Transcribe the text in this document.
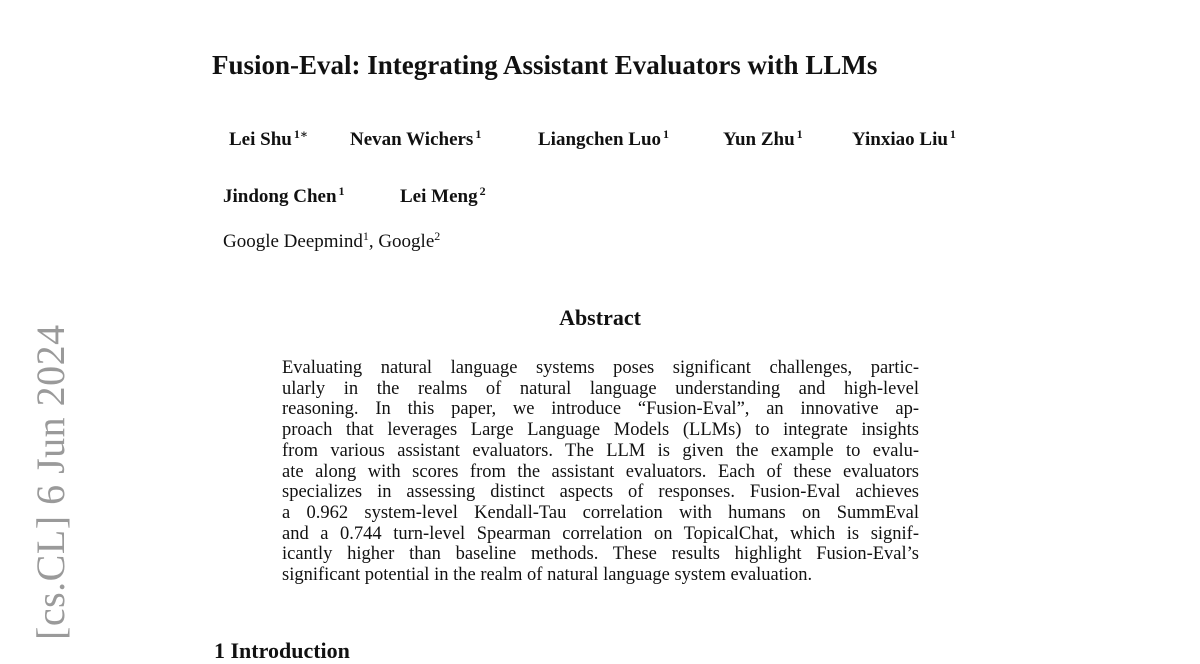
Fusion-Eval: Integrating Assistant Evaluators with LLMs
Lei Shu $^{1∗}$ Nevan Wichers $^1$	Liangchen Luo $^1$	Yun Zhu $^1$	Yinxiao Liu $^1$
Jindong Chen $^1$	Lei Meng $^2$
Google Deepmind$^1$, Google$^2$
Abstract
Evaluating natural language systems poses significant challenges, partic-
ularly in the realms of natural language understanding and high-level
reasoning. In this paper, we introduce “Fusion-Eval”, an innovative ap-
proach that leverages Large Language Models (LLMs) to integrate insights
from various assistant evaluators. The LLM is given the example to evalu-
ate along with scores from the assistant evaluators. Each of these evaluators
specializes in assessing distinct aspects of responses. Fusion-Eval achieves
a 0.962 system-level Kendall-Tau correlation with humans on SummEval
and a 0.744 turn-level Spearman correlation on TopicalChat, which is signif-
icantly higher than baseline methods. These results highlight Fusion-Eval’s
significant potential in the realm of natural language system evaluation.
[cs.CL] 6 Jun 2024
1 Introduction
